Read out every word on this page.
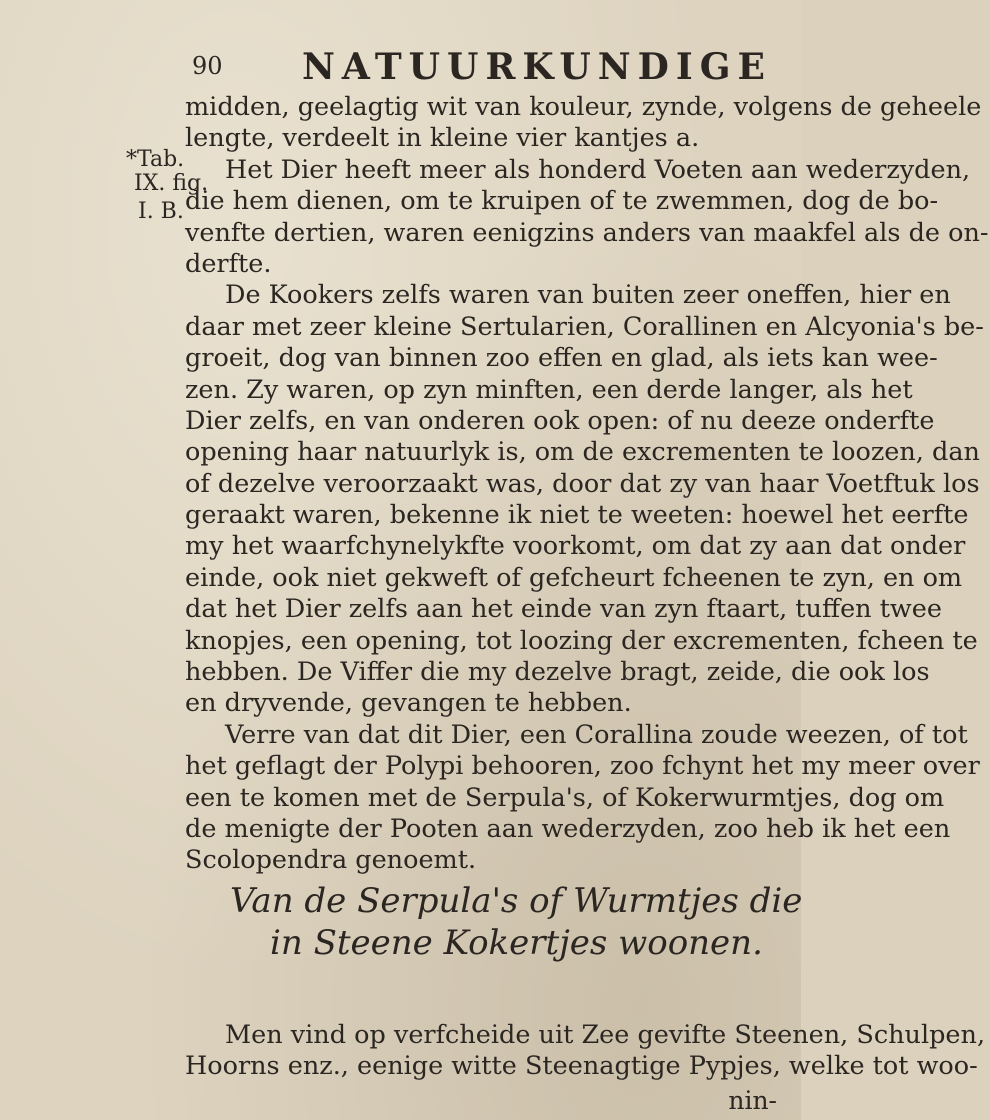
90 NATUURKUNDIGE
*Tab.
IX. fig.
I. B.
midden, geelagtig wit van kouleur, zynde, volgens de geheele
lengte, verdeelt in kleine vier kantjes a.
Het Dier heeft meer als honderd Voeten aan wederzyden,
die hem dienen, om te kruipen of te zwemmen, dog de bo-
venfte dertien, waren eenigzins anders van maakfel als de on-
derfte.
De Kookers zelfs waren van buiten zeer oneffen, hier en
daar met zeer kleine Sertularien, Corallinen en Alcyonia's be-
groeit, dog van binnen zoo effen en glad, als iets kan wee-
zen. Zy waren, op zyn minften, een derde langer, als het
Dier zelfs, en van onderen ook open: of nu deeze onderfte
opening haar natuurlyk is, om de excrementen te loozen, dan
of dezelve veroorzaakt was, door dat zy van haar Voetftuk los
geraakt waren, bekenne ik niet te weeten: hoewel het eerfte
my het waarfchynelykfte voorkomt, om dat zy aan dat onder
einde, ook niet gekweft of gefcheurt fcheenen te zyn, en om
dat het Dier zelfs aan het einde van zyn ftaart, tuffen twee
knopjes, een opening, tot loozing der excrementen, fcheen te
hebben. De Viffer die my dezelve bragt, zeide, die ook los
en dryvende, gevangen te hebben.
Verre van dat dit Dier, een Corallina zoude weezen, of tot
het geflagt der Polypi behooren, zoo fchynt het my meer over
een te komen met de Serpula's, of Kokerwurmtjes, dog om
de menigte der Pooten aan wederzyden, zoo heb ik het een
Scolopendra genoemt.
Van de Serpula's of Wurmtjes die
in Steene Kokertjes woonen.
Men vind op verfcheide uit Zee gevifte Steenen, Schulpen,
Hoorns enz., eenige witte Steenagtige Pypjes, welke tot woo-
nin-
